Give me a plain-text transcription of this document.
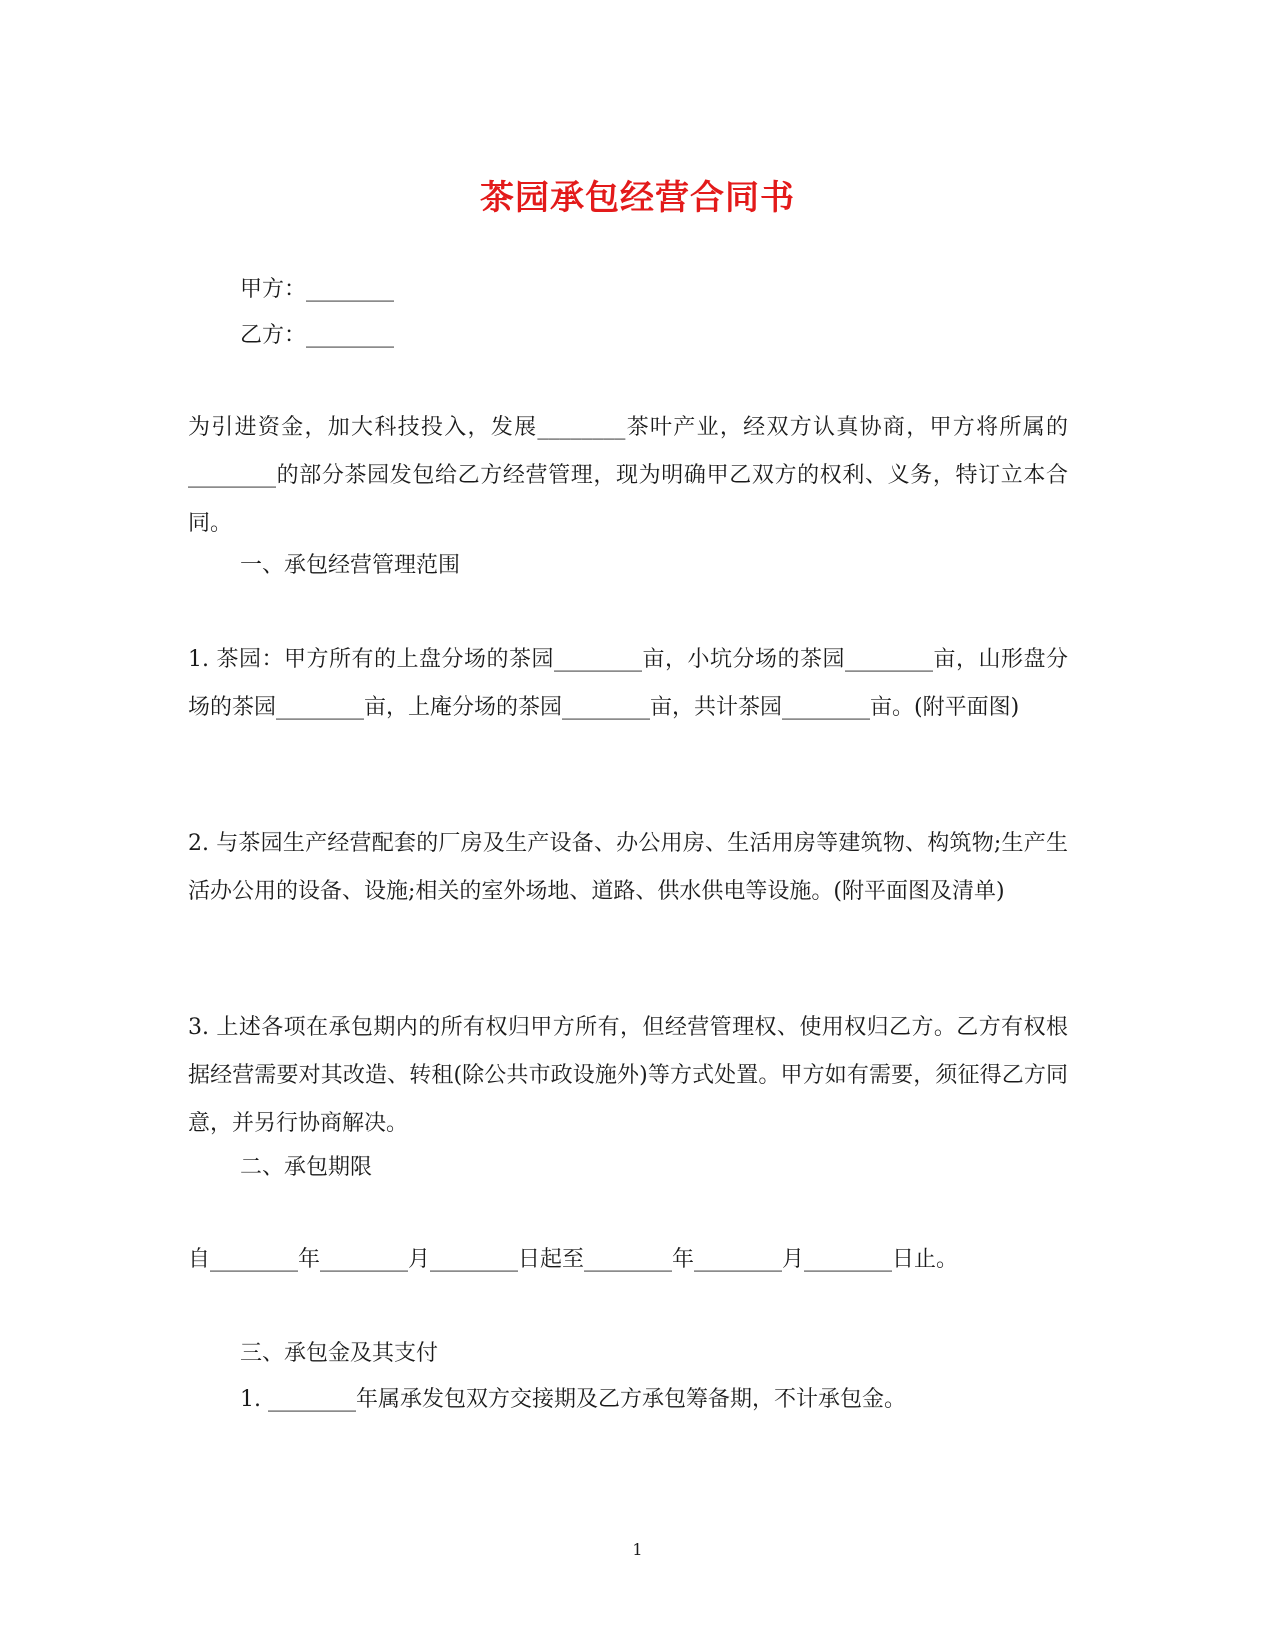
茶园承包经营合同书
甲方：________
乙方：________

为引进资金，加大科技投入，发展________茶叶产业，经双方认真协商，甲方将所属的________的部分茶园发包给乙方经营管理，现为明确甲乙双方的权利、义务，特订立本合同。

一、承包经营管理范围

1. 茶园：甲方所有的上盘分场的茶园________亩，小坑分场的茶园________亩，山形盘分场的茶园________亩，上庵分场的茶园________亩，共计茶园________亩。(附平面图)

2. 与茶园生产经营配套的厂房及生产设备、办公用房、生活用房等建筑物、构筑物;生产生活办公用的设备、设施;相关的室外场地、道路、供水供电等设施。(附平面图及清单)

3. 上述各项在承包期内的所有权归甲方所有，但经营管理权、使用权归乙方。乙方有权根据经营需要对其改造、转租(除公共市政设施外)等方式处置。甲方如有需要，须征得乙方同意，并另行协商解决。

二、承包期限

自________年________月________日起至________年________月________日止。

三、承包金及其支付
1. ________年属承发包双方交接期及乙方承包筹备期，不计承包金。
1
